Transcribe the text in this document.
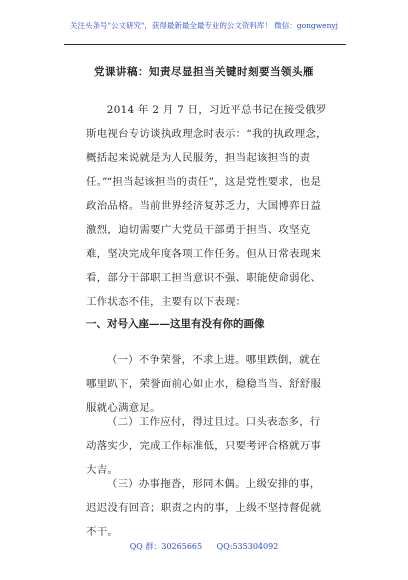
关注头条号"公文研究"，获得最新最全最专业的公文资料库！ 微信：gongwenyj
党课讲稿：知责尽显担当关键时刻要当领头雁

2014 年 2 月 7 日，习近平总书记在接受俄罗斯电视台专访谈执政理念时表示：“我的执政理念，概括起来说就是为人民服务，担当起该担当的责任。” “担当起该担当的责任”，这是党性要求，也是政治品格。当前世界经济复苏乏力，大国博弈日益激烈，迫切需要广大党员干部勇于担当、攻坚克难，坚决完成年度各项工作任务。但从日常表现来看，部分干部职工担当意识不强、职能使命弱化、工作状态不佳，主要有以下表现：

一、对号入座——这里有没有你的画像

（一）不争荣誉，不求上进。哪里跌倒，就在哪里趴下，荣誉面前心如止水，稳稳当当、舒舒服服就心满意足。

（二）工作应付，得过且过。口头表态多，行动落实少，完成工作标准低，只要考评合格就万事大吉。

（三）办事拖沓，形同木偶。上级安排的事，迟迟没有回音；职责之内的事，上级不坚持督促就不干。

QQ 群：30265665 QQ:535304092
